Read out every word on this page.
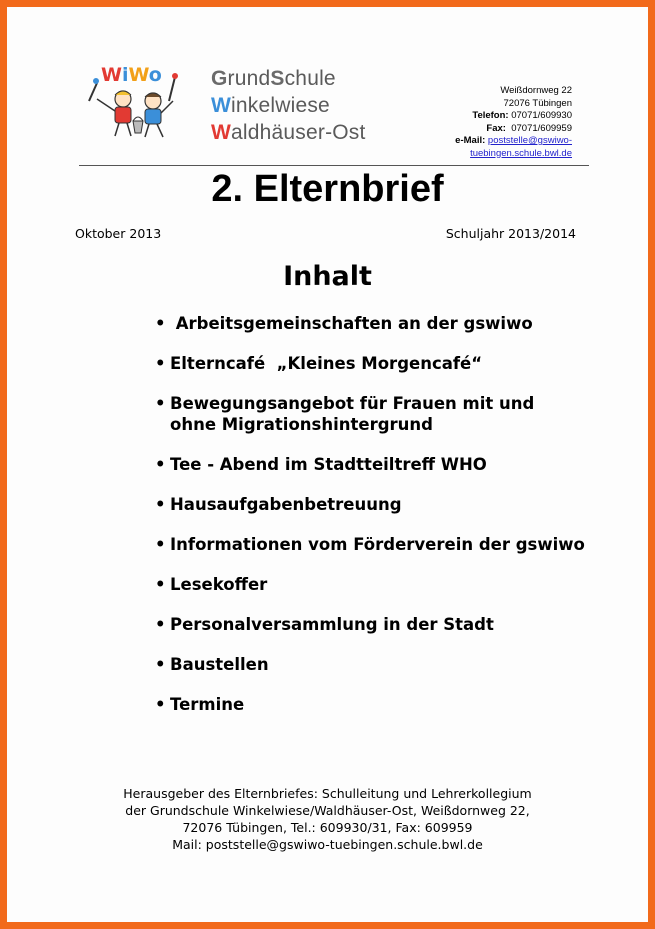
WiWo GrundSchule
Winkelwiese
Waldhäuser-Ost
Weißdornweg 22
72076 Tübingen
Telefon: 07071/609930
Fax: 07071/609959
e-Mail: poststelle@gswiwo-
tuebingen.schule.bwl.de
2. Elternbrief
Oktober 2013	Schuljahr 2013/2014
Inhalt
• Arbeitsgemeinschaften an der gswiwo
• Elterncafé  „Kleines Morgencafé“
• Bewegungsangebot für Frauen mit und ohne Migrationshintergrund
• Tee - Abend im Stadtteiltreff WHO
• Hausaufgabenbetreuung
• Informationen vom Förderverein der gswiwo
• Lesekoffer
• Personalversammlung in der Stadt
• Baustellen
• Termine
Herausgeber des Elternbriefes: Schulleitung und Lehrerkollegium
der Grundschule Winkelwiese/Waldhäuser-Ost, Weißdornweg 22,
72076 Tübingen, Tel.: 609930/31, Fax: 609959
Mail: poststelle@gswiwo-tuebingen.schule.bwl.de
